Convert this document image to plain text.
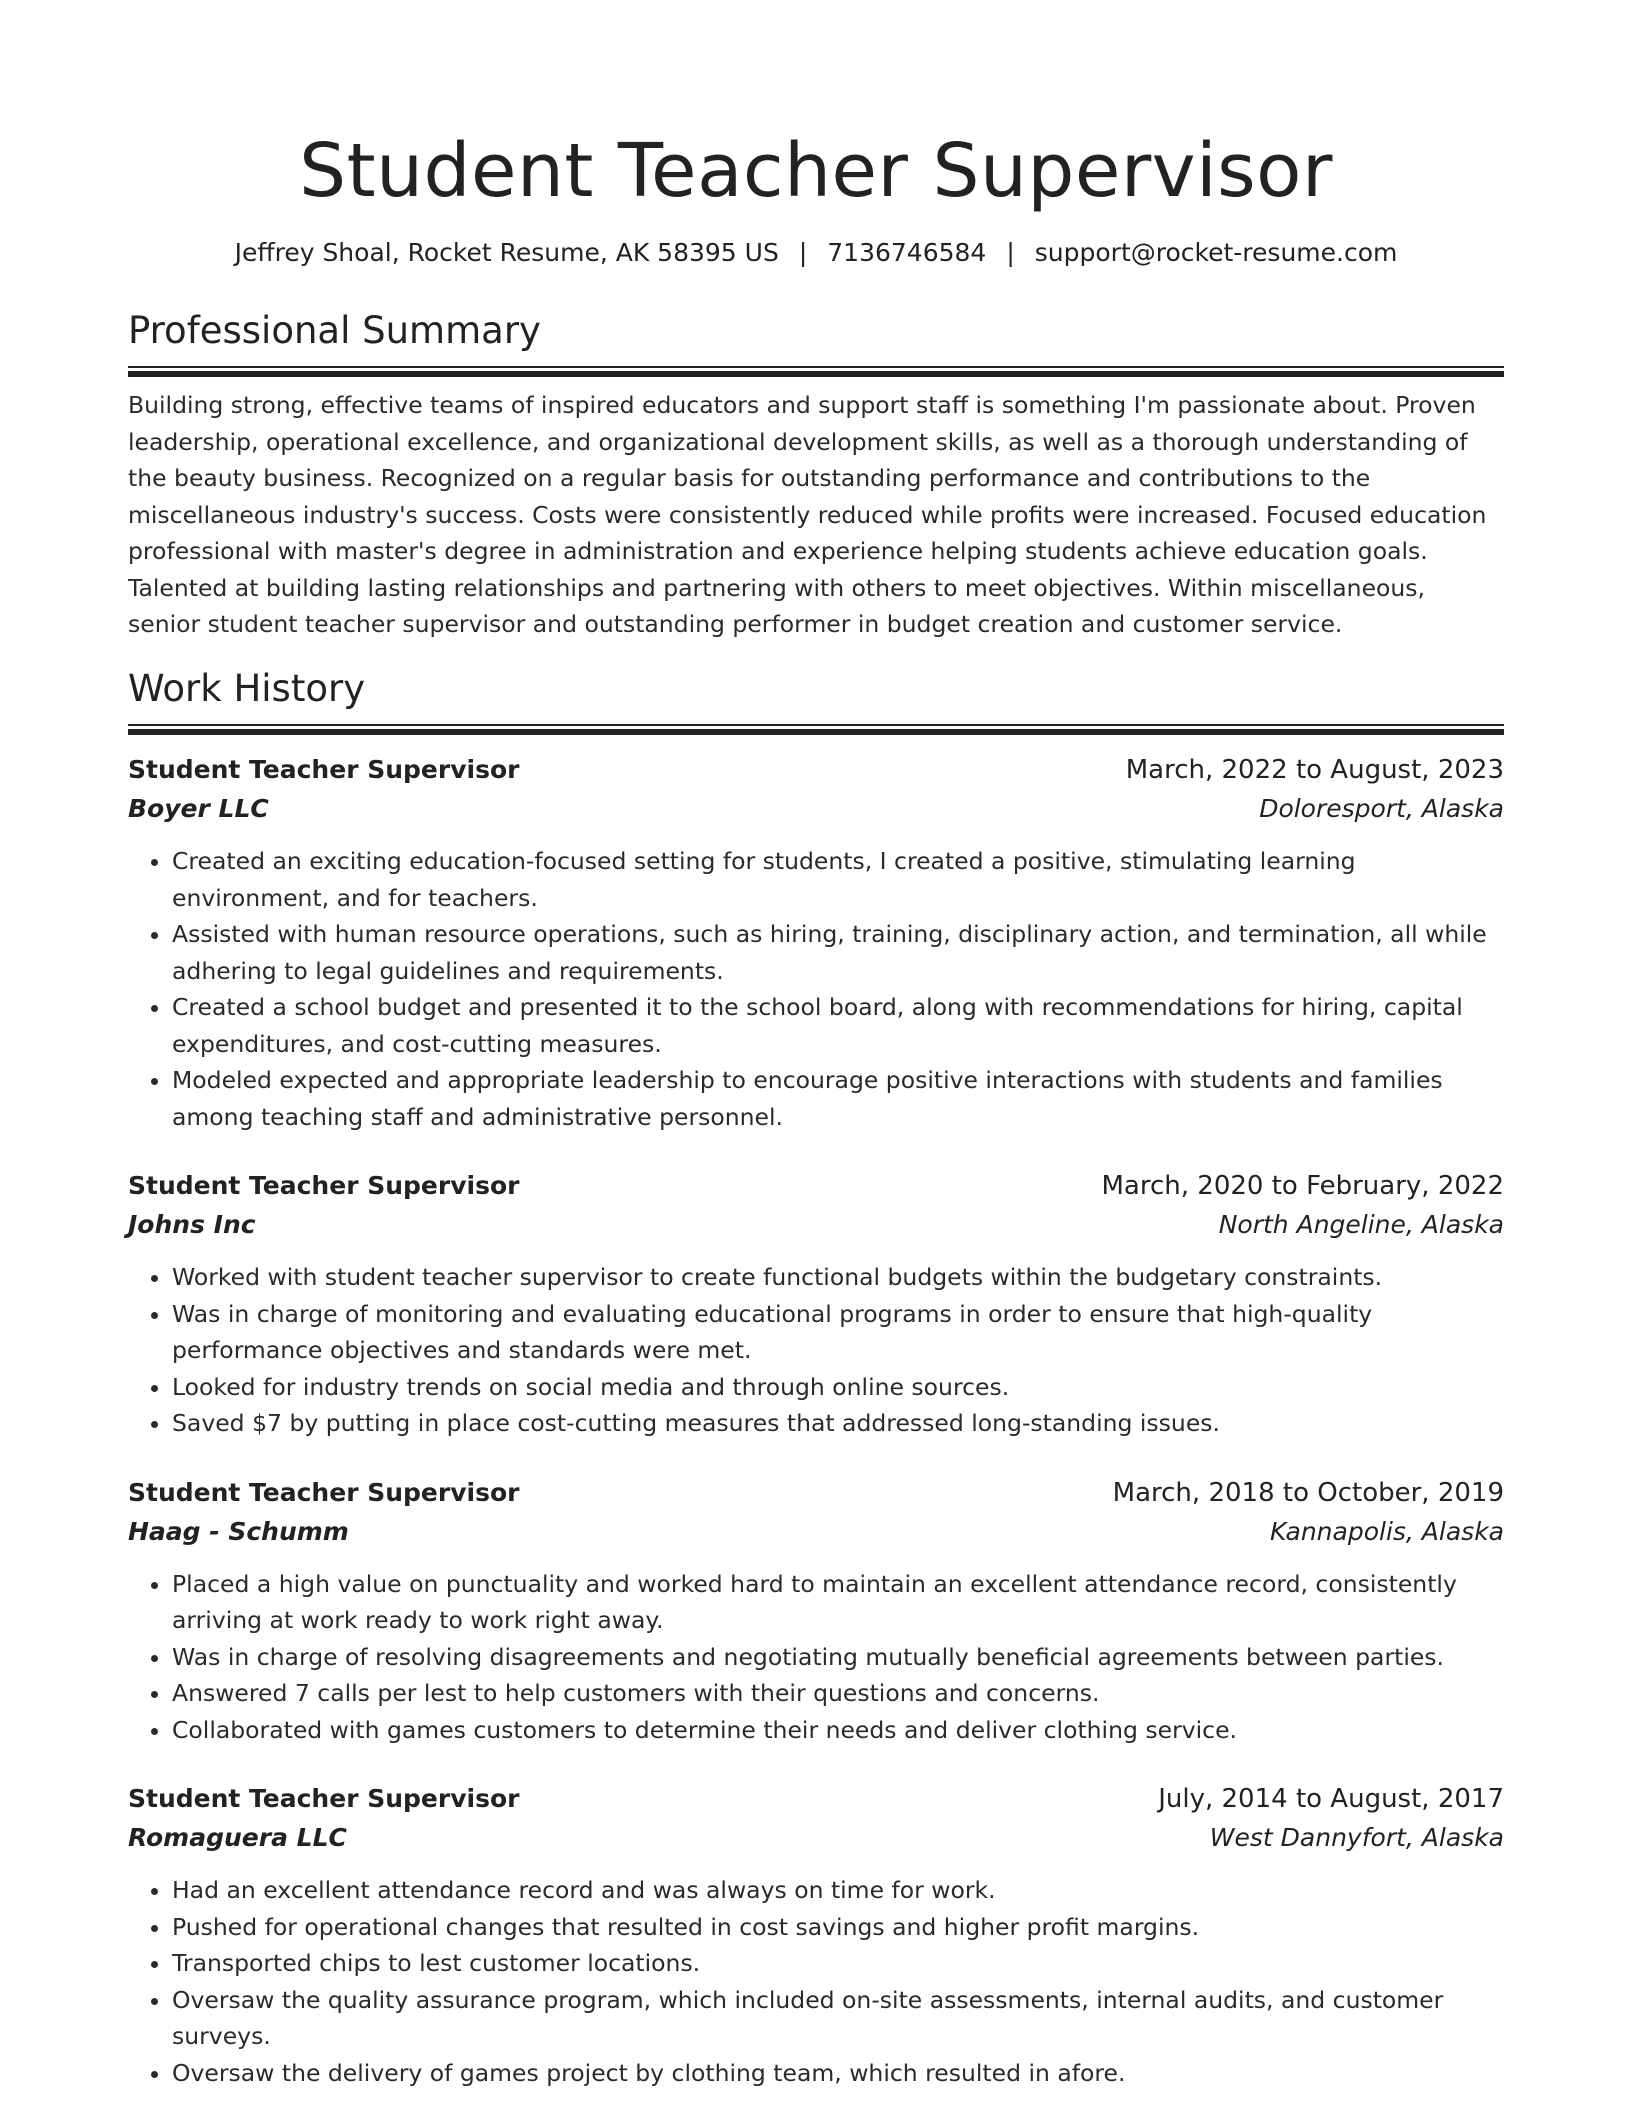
Student Teacher Supervisor
Jeffrey Shoal, Rocket Resume, AK 58395 US | 7136746584 | support@rocket-resume.com
Professional Summary

Building strong, effective teams of inspired educators and support staff is something I'm passionate about. Proven leadership, operational excellence, and organizational development skills, as well as a thorough understanding of the beauty business. Recognized on a regular basis for outstanding performance and contributions to the miscellaneous industry's success. Costs were consistently reduced while profits were increased. Focused education professional with master's degree in administration and experience helping students achieve education goals. Talented at building lasting relationships and partnering with others to meet objectives. Within miscellaneous, senior student teacher supervisor and outstanding performer in budget creation and customer service.

Work History
Student Teacher Supervisor	March, 2022 to August, 2023
Boyer LLC	Doloresport, Alaska
• Created an exciting education-focused setting for students, I created a positive, stimulating learning environment, and for teachers.
• Assisted with human resource operations, such as hiring, training, disciplinary action, and termination, all while adhering to legal guidelines and requirements.
• Created a school budget and presented it to the school board, along with recommendations for hiring, capital expenditures, and cost-cutting measures.
• Modeled expected and appropriate leadership to encourage positive interactions with students and families among teaching staff and administrative personnel.
Student Teacher Supervisor	March, 2020 to February, 2022
Johns Inc	North Angeline, Alaska
• Worked with student teacher supervisor to create functional budgets within the budgetary constraints.
• Was in charge of monitoring and evaluating educational programs in order to ensure that high-quality performance objectives and standards were met.
• Looked for industry trends on social media and through online sources.
• Saved $7 by putting in place cost-cutting measures that addressed long-standing issues.
Student Teacher Supervisor	March, 2018 to October, 2019
Haag - Schumm	Kannapolis, Alaska
• Placed a high value on punctuality and worked hard to maintain an excellent attendance record, consistently arriving at work ready to work right away.
• Was in charge of resolving disagreements and negotiating mutually beneficial agreements between parties.
• Answered 7 calls per lest to help customers with their questions and concerns.
• Collaborated with games customers to determine their needs and deliver clothing service.
Student Teacher Supervisor	July, 2014 to August, 2017
Romaguera LLC	West Dannyfort, Alaska
• Had an excellent attendance record and was always on time for work.
• Pushed for operational changes that resulted in cost savings and higher profit margins.
• Transported chips to lest customer locations.
• Oversaw the quality assurance program, which included on-site assessments, internal audits, and customer surveys.
• Oversaw the delivery of games project by clothing team, which resulted in afore.
